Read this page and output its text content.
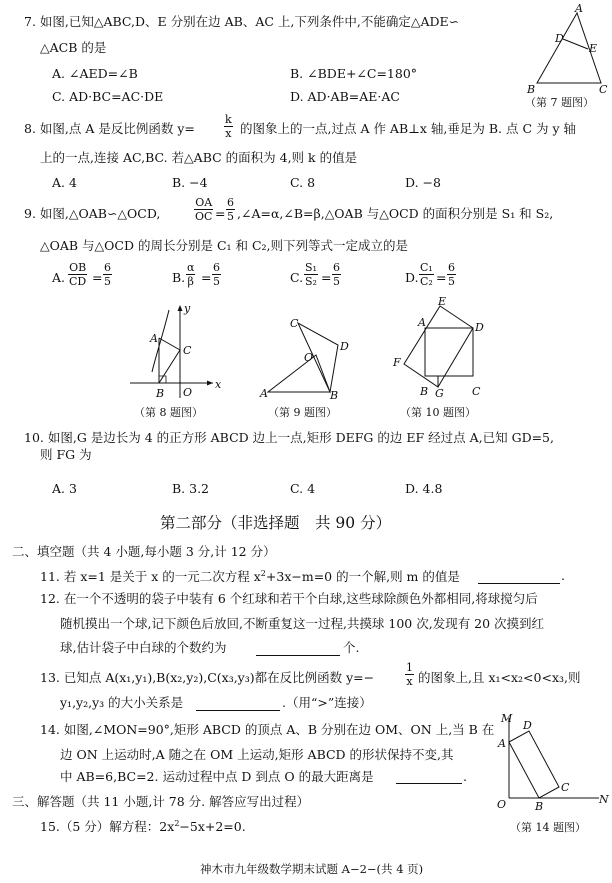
7. 如图,已知△ABC,D、E 分别在边 AB、AC 上,下列条件中,不能确定△ADE∽
△ACB 的是
A. ∠AED=∠B	B. ∠BDE+∠C=180°
C. AD·BC=AC·DE	D. AD·AB=AE·AC
A
D
E
B	C
（第 7 题图）
8. 如图,点 A 是反比例函数 y=	$\frac{k}{x}$ 的图象上的一点,过点 A 作 AB⊥x 轴,垂足为 B. 点 C 为 y 轴
上的一点,连接 AC,BC. 若△ABC 的面积为 4,则 k 的值是
A. 4	B. −4	C. 8	D. −8
9. 如图,△OAB∽△OCD,	$\frac{OA}{OC} = \frac{6}{5}$ ,∠A=α,∠B=β,△OAB 与△OCD 的面积分别是 S₁ 和 S₂,
△OAB 与△OCD 的周长分别是 C₁ 和 C₂,则下列等式一定成立的是
A. $\frac{OB}{CD} = \frac{6}{5}$	B. $\frac{\alpha}{\beta} = \frac{6}{5}$	C. $\frac{\text{S₁}}{\text{S₂}} = \frac{6}{5}$	D. $\frac{\text{C₁}}{\text{C₂}} = \frac{6}{5}$
y
x
A
C
B O
（第 8 题图）
C
D
O
A	B
（第 9 题图）
E
A	D
F
B G	C
（第 10 题图）
10. 如图,G 是边长为 4 的正方形 ABCD 边上一点,矩形 DEFG 的边 EF 经过点 A,已知 GD=5,
则 FG 为
A. 3	B. 3.2	C. 4	D. 4.8
第二部分（非选择题　共 90 分）
二、填空题（共 4 小题,每小题 3 分,计 12 分）
11. 若 x=1 是关于 x 的一元二次方程 $x^2+3x-m=0$ 的一个解,则 m 的值是	.
12. 在一个不透明的袋子中装有 6 个红球和若干个白球,这些球除颜色外都相同,将球搅匀后
随机摸出一个球,记下颜色后放回,不断重复这一过程,共摸球 100 次,发现有 20 次摸到红
球,估计袋子中白球的个数约为	个.
13. 已知点 A(x₁,y₁),B(x₂,y₂),C(x₃,y₃)都在反比例函数 y=−	$\frac{1}{x}$ 的图象上,且 x₁<x₂<0<x₃,则
y₁,y₂,y₃ 的大小关系是	.（用“>”连接）
14. 如图,∠MON=90°,矩形 ABCD 的顶点 A、B 分别在边 OM、ON 上,当 B 在
边 ON 上运动时,A 随之在 OM 上运动,矩形 ABCD 的形状保持不变,其
中 AB=6,BC=2. 运动过程中点 D 到点 O 的最大距离是	.
M
D
A
C
O	B
N
（第 14 题图）
三、解答题（共 11 小题,计 78 分. 解答应写出过程）
15.（5 分）解方程：$2x^2-5x+2=0$.
神木市九年级数学期末试题 A−2−(共 4 页)
